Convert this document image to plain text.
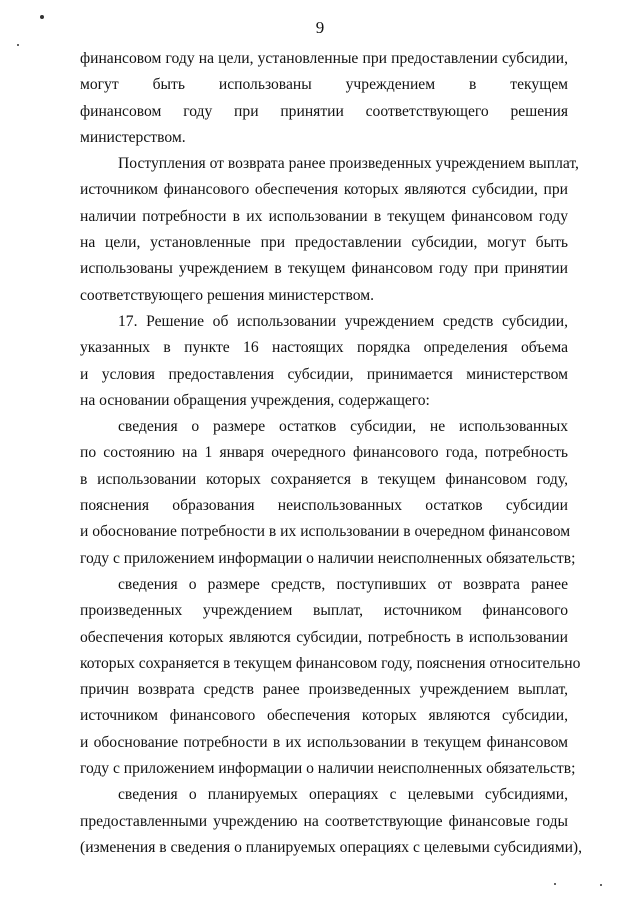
9
финансовом году на цели, установленные при предоставлении субсидии,
могут быть использованы учреждением в текущем
финансовом году при принятии соответствующего решения
министерством.
Поступления от возврата ранее произведенных учреждением выплат,
источником финансового обеспечения которых являются субсидии, при
наличии потребности в их использовании в текущем финансовом году
на цели, установленные при предоставлении субсидии, могут быть
использованы учреждением в текущем финансовом году при принятии
соответствующего решения министерством.
17. Решение об использовании учреждением средств субсидии,
указанных в пункте 16 настоящих порядка определения объема
и условия предоставления субсидии, принимается министерством
на основании обращения учреждения, содержащего:
сведения о размере остатков субсидии, не использованных
по состоянию на 1 января очередного финансового года, потребность
в использовании которых сохраняется в текущем финансовом году,
пояснения образования неиспользованных остатков субсидии
и обоснование потребности в их использовании в очередном финансовом
году с приложением информации о наличии неисполненных обязательств;
сведения о размере средств, поступивших от возврата ранее
произведенных учреждением выплат, источником финансового
обеспечения которых являются субсидии, потребность в использовании
которых сохраняется в текущем финансовом году, пояснения относительно
причин возврата средств ранее произведенных учреждением выплат,
источником финансового обеспечения которых являются субсидии,
и обоснование потребности в их использовании в текущем финансовом
году с приложением информации о наличии неисполненных обязательств;
сведения о планируемых операциях с целевыми субсидиями,
предоставленными учреждению на соответствующие финансовые годы
(изменения в сведения о планируемых операциях с целевыми субсидиями),
